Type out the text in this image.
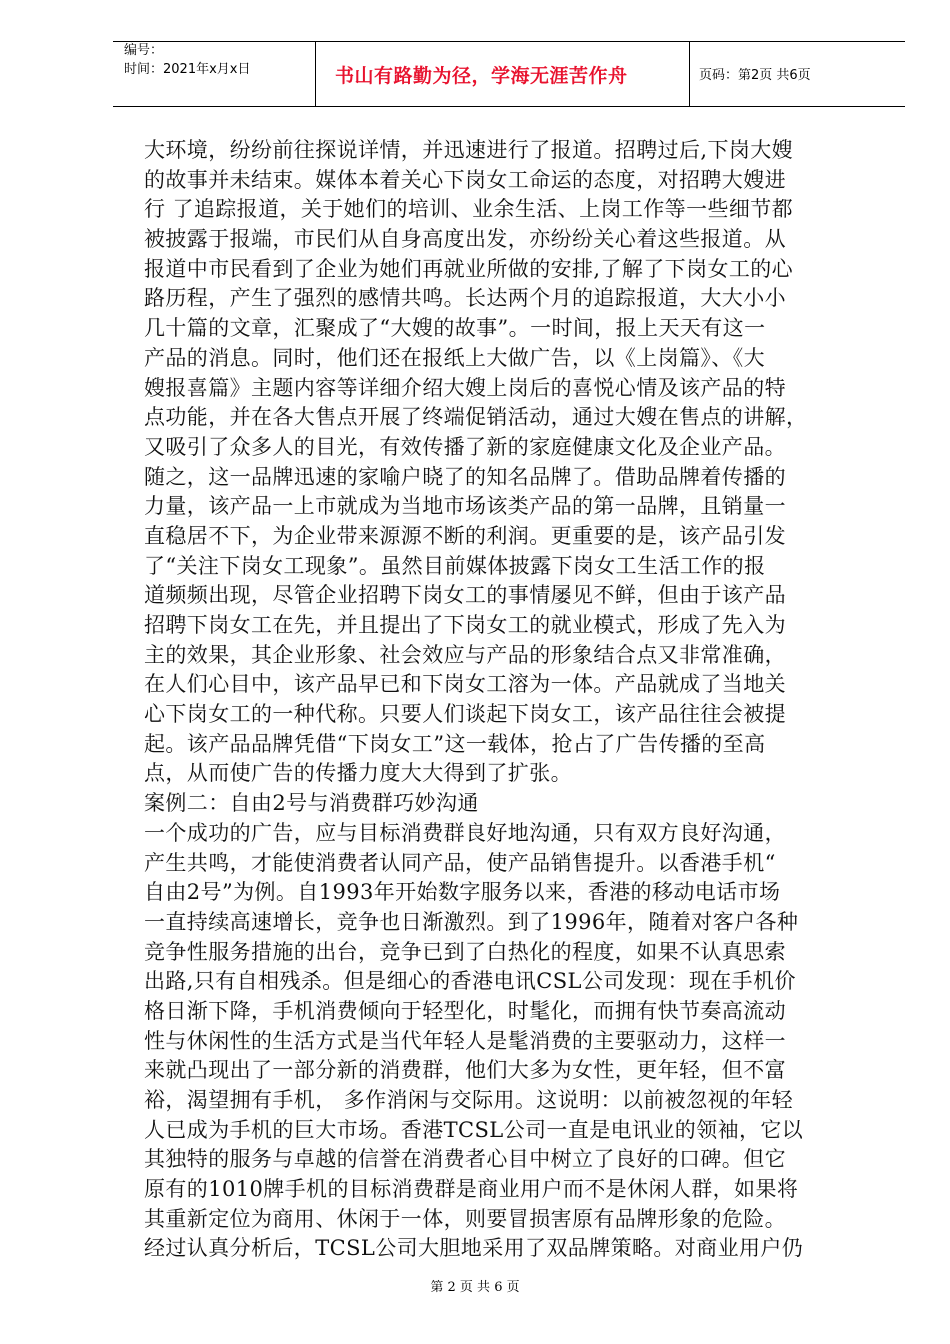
编号：
时间：2021年x月x日	书山有路勤为径，学海无涯苦作舟	页码：第2页 共6页
大环境，纷纷前往探说详情，并迅速进行了报道。招聘过后,下岗大嫂
的故事并未结束。媒体本着关心下岗女工命运的态度，对招聘大嫂进
行 了追踪报道，关于她们的培训、业余生活、上岗工作等一些细节都
被披露于报端，市民们从自身高度出发，亦纷纷关心着这些报道。从
报道中市民看到了企业为她们再就业所做的安排,了解了下岗女工的心
路历程，产生了强烈的感情共鸣。长达两个月的追踪报道，大大小小
几十篇的文章，汇聚成了“大嫂的故事”。一时间，报上天天有这一
产品的消息。同时，他们还在报纸上大做广告，以《上岗篇》、《大
嫂报喜篇》主题内容等详细介绍大嫂上岗后的喜悦心情及该产品的特
点功能，并在各大售点开展了终端促销活动，通过大嫂在售点的讲解，
又吸引了众多人的目光，有效传播了新的家庭健康文化及企业产品。
随之，这一品牌迅速的家喻户晓了的知名品牌了。借助品牌着传播的
力量，该产品一上市就成为当地市场该类产品的第一品牌，且销量一
直稳居不下，为企业带来源源不断的利润。更重要的是，该产品引发
了“关注下岗女工现象”。虽然目前媒体披露下岗女工生活工作的报
道频频出现，尽管企业招聘下岗女工的事情屡见不鲜，但由于该产品
招聘下岗女工在先，并且提出了下岗女工的就业模式，形成了先入为
主的效果，其企业形象、社会效应与产品的形象结合点又非常准确，
在人们心目中，该产品早已和下岗女工溶为一体。产品就成了当地关
心下岗女工的一种代称。只要人们谈起下岗女工，该产品往往会被提
起。该产品品牌凭借“下岗女工”这一载体，抢占了广告传播的至高
点，从而使广告的传播力度大大得到了扩张。
案例二：自由2号与消费群巧妙沟通
一个成功的广告，应与目标消费群良好地沟通，只有双方良好沟通，
产生共鸣，才能使消费者认同产品，使产品销售提升。以香港手机“
自由2号”为例。自1993年开始数字服务以来，香港的移动电话市场
一直持续高速增长，竞争也日渐激烈。到了1996年，随着对客户各种
竞争性服务措施的出台，竞争已到了白热化的程度，如果不认真思索
出路,只有自相残杀。但是细心的香港电讯CSL公司发现：现在手机价
格日渐下降，手机消费倾向于轻型化，时髦化，而拥有快节奏高流动
性与休闲性的生活方式是当代年轻人是髦消费的主要驱动力，这样一
来就凸现出了一部分新的消费群，他们大多为女性，更年轻，但不富
裕，渴望拥有手机， 多作消闲与交际用。这说明：以前被忽视的年轻
人已成为手机的巨大市场。香港TCSL公司一直是电讯业的领袖，它以
其独特的服务与卓越的信誉在消费者心目中树立了良好的口碑。但它
原有的1010牌手机的目标消费群是商业用户而不是休闲人群，如果将
其重新定位为商用、休闲于一体，则要冒损害原有品牌形象的危险。
经过认真分析后，TCSL公司大胆地采用了双品牌策略。对商业用户仍
第 2 页 共 6 页
